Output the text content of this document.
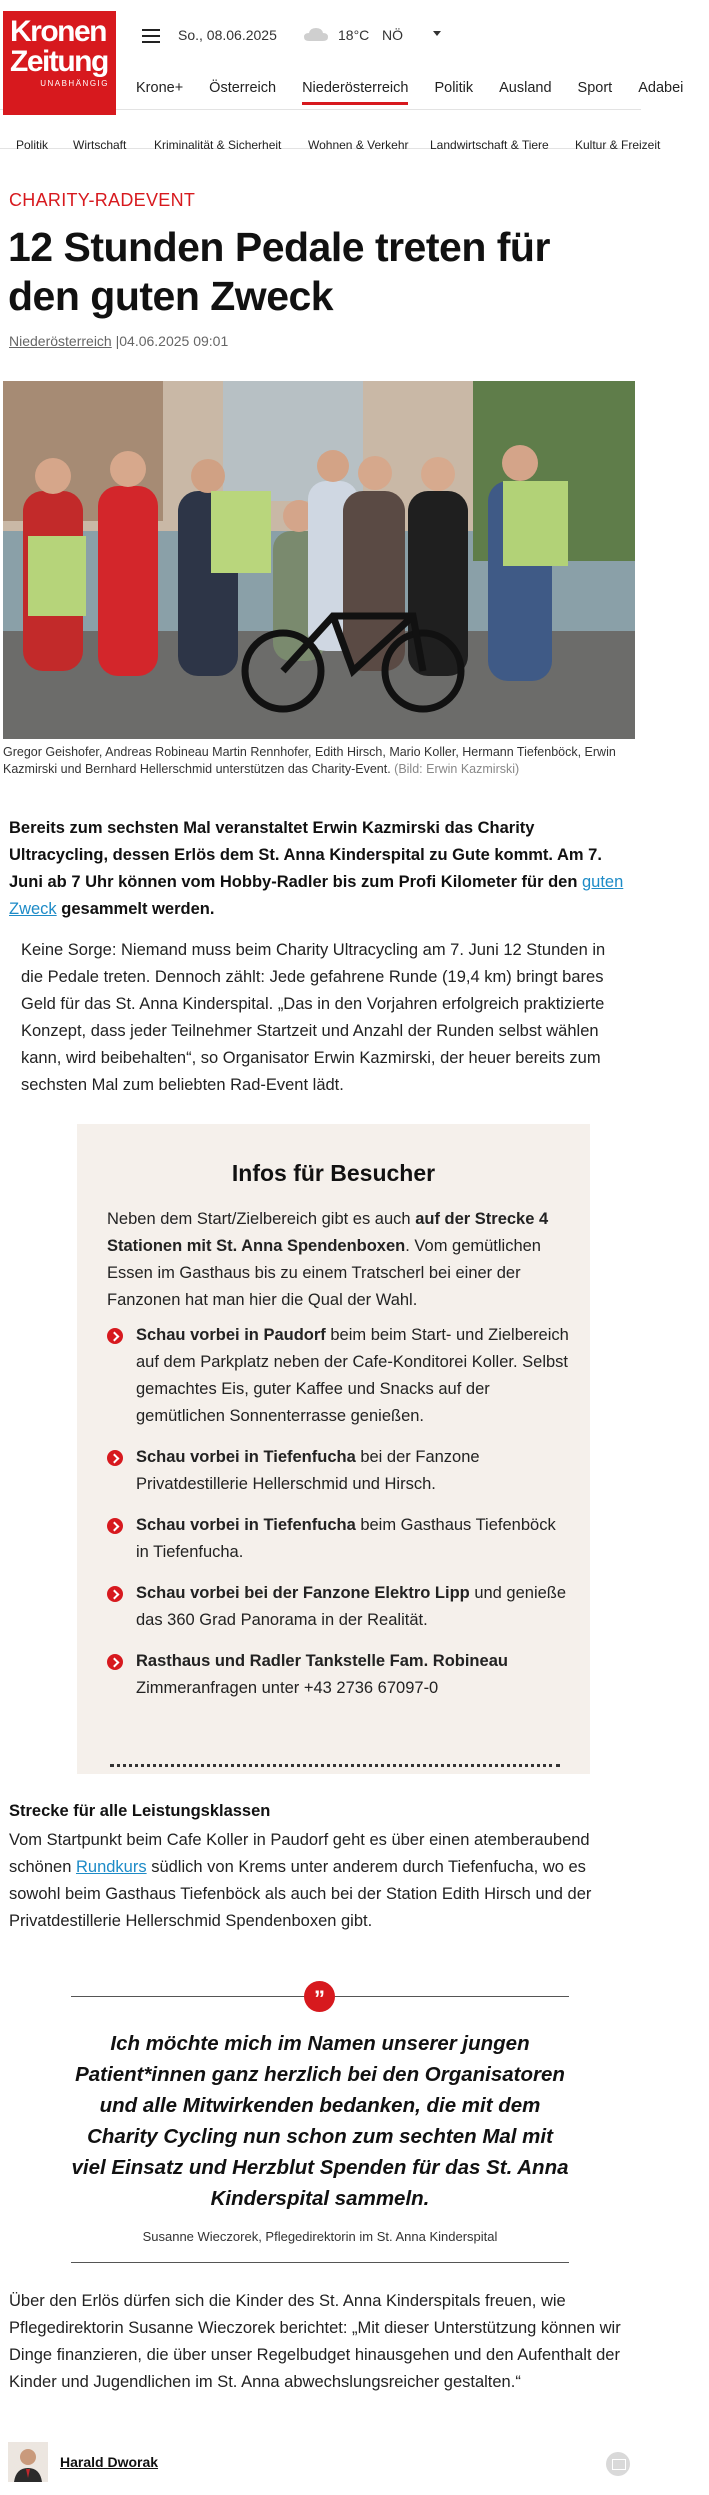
Kronen
Zeitung
UNABHÄNGIG
So., 08.06.2025	18°C NÖ
Krone+ Österreich Niederösterreich Politik Ausland Sport Adabei
Politik Wirtschaft Kriminalität & Sicherheit Wohnen & Verkehr Landwirtschaft & Tiere Kultur & Freizeit
CHARITY-RADEVENT
12 Stunden Pedale treten für den guten Zweck
Niederösterreich |04.06.2025 09:01
Gregor Geishofer, Andreas Robineau Martin Rennhofer, Edith Hirsch, Mario Koller, Hermann Tiefenböck, Erwin Kazmirski und Bernhard Hellerschmid unterstützen das Charity-Event. (Bild: Erwin Kazmirski)
Bereits zum sechsten Mal veranstaltet Erwin Kazmirski das Charity Ultracycling, dessen Erlös dem St. Anna Kinderspital zu Gute kommt. Am 7. Juni ab 7 Uhr können vom Hobby-Radler bis zum Profi Kilometer für den guten Zweck gesammelt werden.

Keine Sorge: Niemand muss beim Charity Ultracycling am 7. Juni 12 Stunden in die Pedale treten. Dennoch zählt: Jede gefahrene Runde (19,4 km) bringt bares Geld für das St. Anna Kinderspital. „Das in den Vorjahren erfolgreich praktizierte Konzept, dass jeder Teilnehmer Startzeit und Anzahl der Runden selbst wählen kann, wird beibehalten“, so Organisator Erwin Kazmirski, der heuer bereits zum sechsten Mal zum beliebten Rad-Event lädt.

Infos für Besucher
Neben dem Start/Zielbereich gibt es auch auf der Strecke 4 Stationen mit St. Anna Spendenboxen. Vom gemütlichen Essen im Gasthaus bis zu einem Tratscherl bei einer der Fanzonen hat man hier die Qual der Wahl.
Schau vorbei in Paudorf beim beim Start- und Zielbereich auf dem Parkplatz neben der Cafe-Konditorei Koller. Selbst gemachtes Eis, guter Kaffee und Snacks auf der gemütlichen Sonnenterrasse genießen.
Schau vorbei in Tiefenfucha bei der Fanzone Privatdestillerie Hellerschmid und Hirsch.
Schau vorbei in Tiefenfucha beim Gasthaus Tiefenböck in Tiefenfucha.
Schau vorbei bei der Fanzone Elektro Lipp und genieße das 360 Grad Panorama in der Realität.
Rasthaus und Radler Tankstelle Fam. Robineau Zimmeranfragen unter +43 2736 67097-0
Strecke für alle Leistungsklassen

Vom Startpunkt beim Cafe Koller in Paudorf geht es über einen atemberaubend schönen Rundkurs südlich von Krems unter anderem durch Tiefenfucha, wo es sowohl beim Gasthaus Tiefenböck als auch bei der Station Edith Hirsch und der Privatdestillerie Hellerschmid Spendenboxen gibt.

”
Ich möchte mich im Namen unserer jungen Patient*innen ganz herzlich bei den Organisatoren und alle Mitwirkenden bedanken, die mit dem Charity Cycling nun schon zum sechten Mal mit viel Einsatz und Herzblut Spenden für das St. Anna Kinderspital sammeln.
Susanne Wieczorek, Pflegedirektorin im St. Anna Kinderspital

Über den Erlös dürfen sich die Kinder des St. Anna Kinderspitals freuen, wie Pflegedirektorin Susanne Wieczorek berichtet: „Mit dieser Unterstützung können wir Dinge finanzieren, die über unser Regelbudget hinausgehen und den Aufenthalt der Kinder und Jugendlichen im St. Anna abwechslungsreicher gestalten.“

Harald Dworak
